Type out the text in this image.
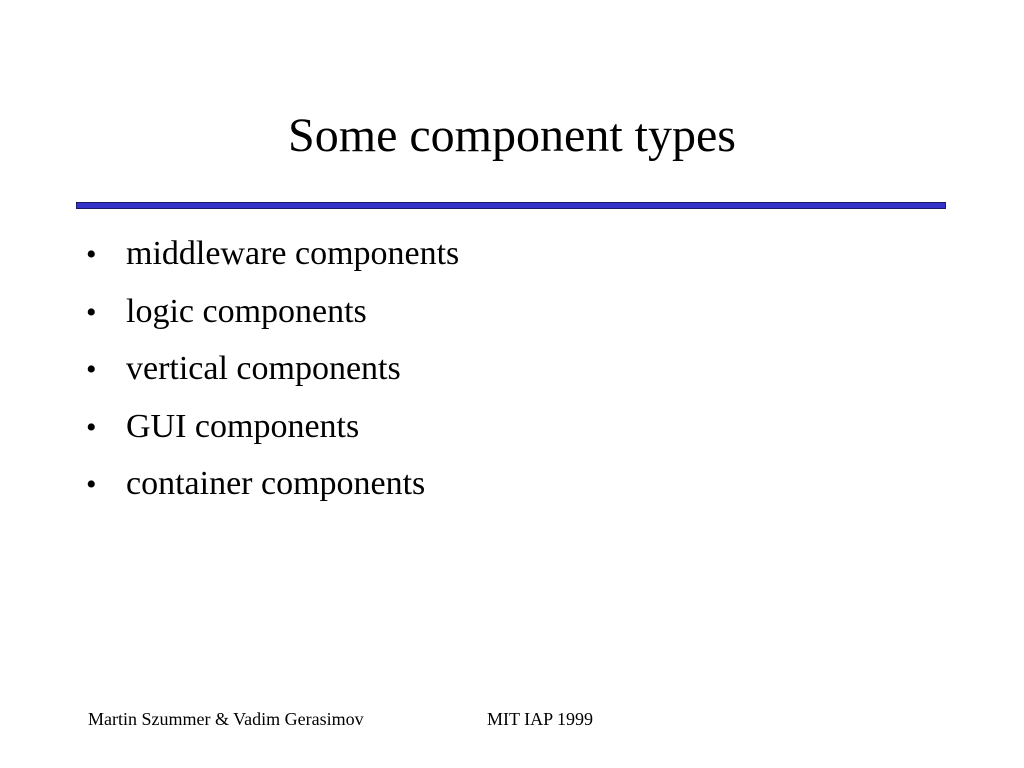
Some component types
• middleware components
• logic components
• vertical components
• GUI components
• container components
Martin Szummer & Vadim Gerasimov	MIT IAP 1999
